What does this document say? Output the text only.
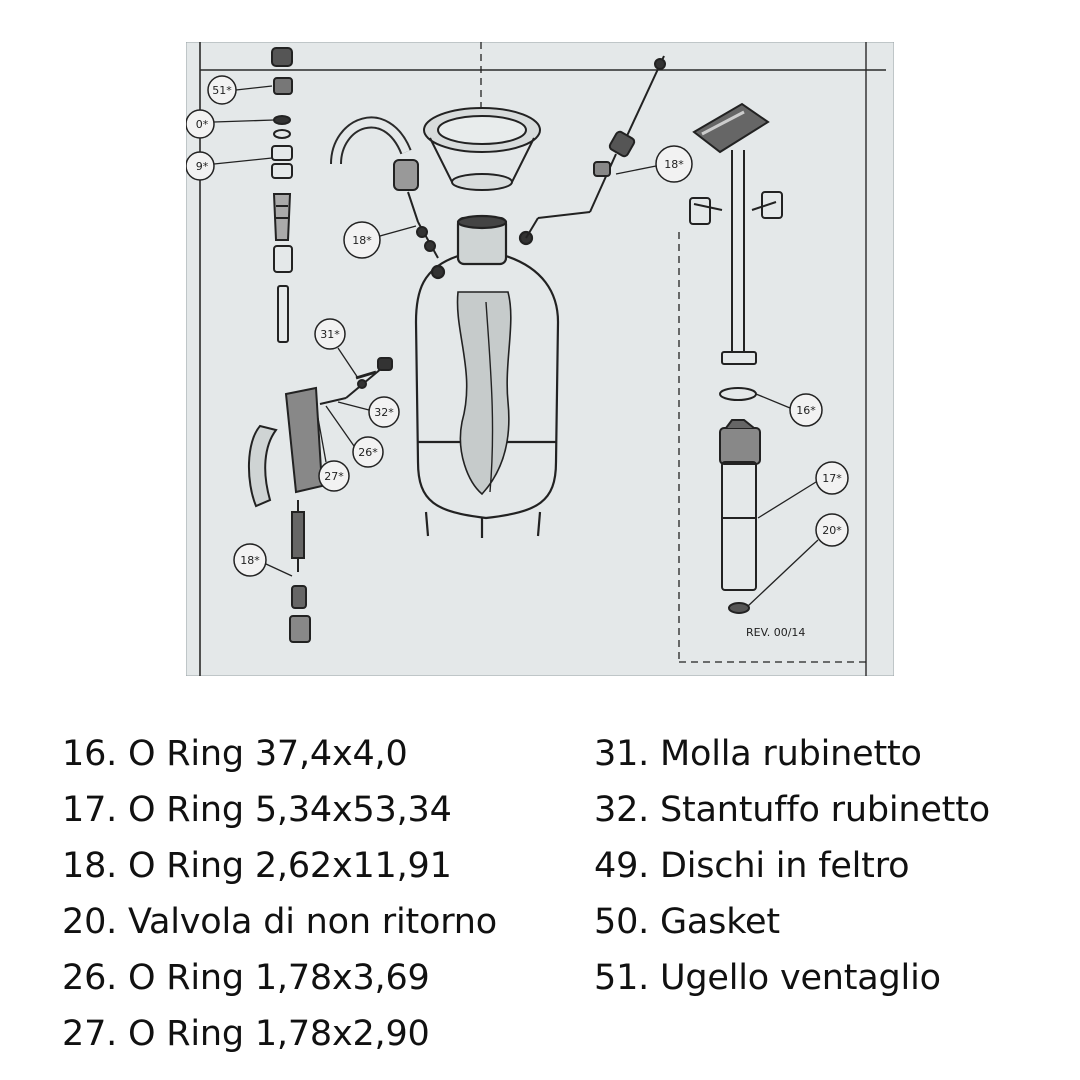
51*
0*
9*
18*
18*
16*
17*
20*
31*
32*
26*
27*
18*
REV. 00/14
16. O Ring 37,4x4,0
17. O Ring 5,34x53,34
18. O Ring 2,62x11,91
20. Valvola di non ritorno
26. O Ring 1,78x3,69
27. O Ring 1,78x2,90
31. Molla rubinetto
32. Stantuffo rubinetto
49. Dischi in feltro
50. Gasket
51. Ugello ventaglio
